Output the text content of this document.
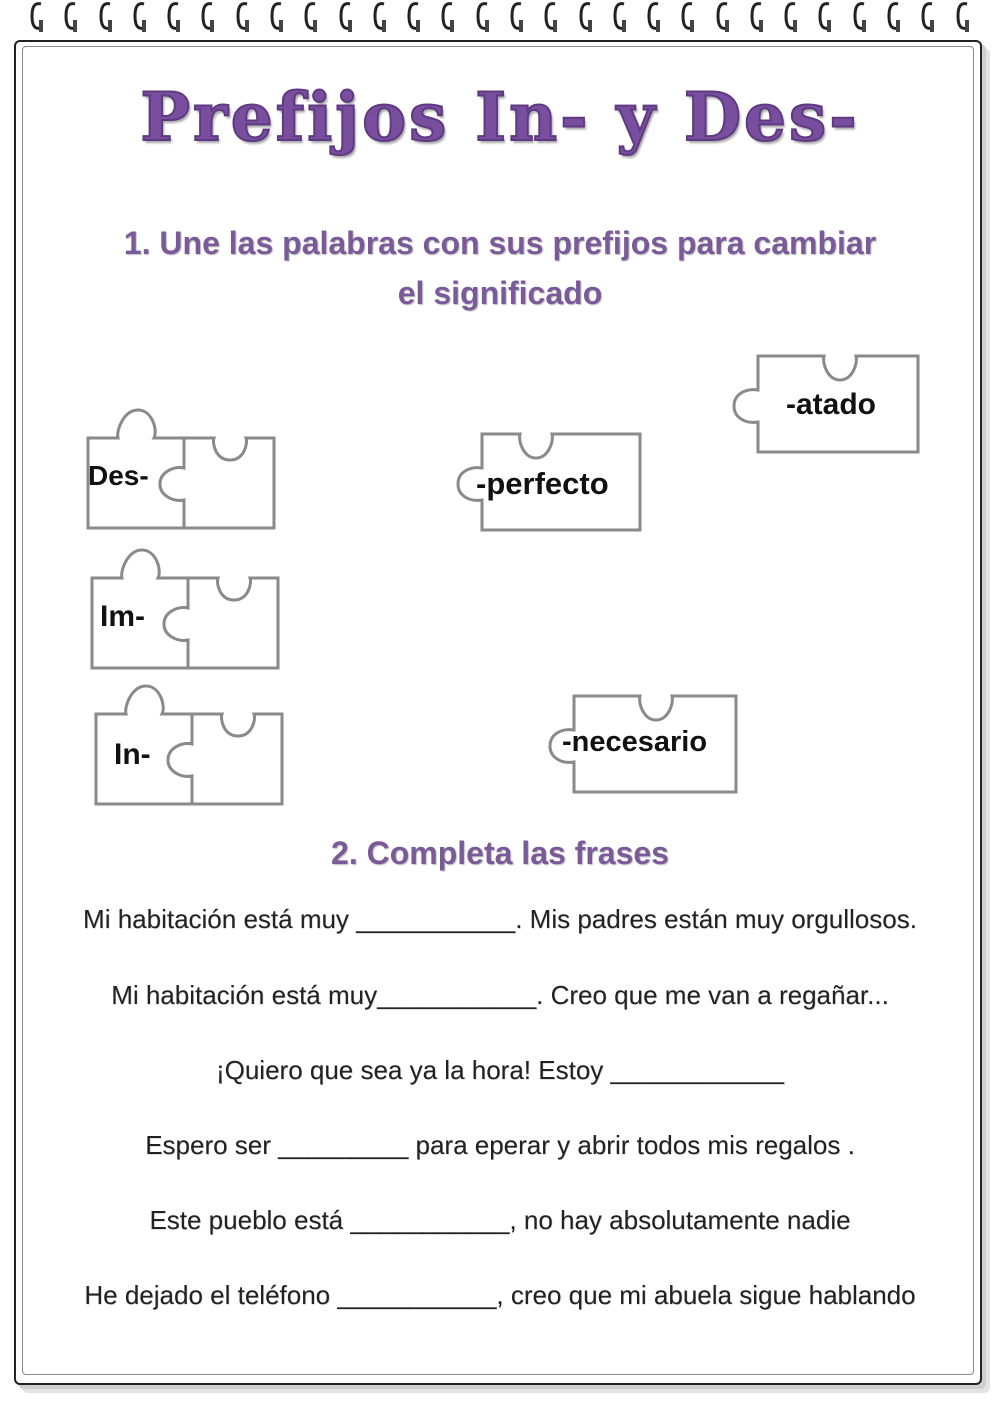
Prefijos In- y Des-
1. Une las palabras con sus prefijos para cambiar
el significado
Des-
Im-
In-
-atado
-perfecto
-necesario
2. Completa las frases
Mi habitación está muy ___________. Mis padres están muy orgullosos.
Mi habitación está muy___________. Creo que me van a regañar...
¡Quiero que sea ya la hora! Estoy ____________
Espero ser _________ para eperar y abrir todos mis regalos .
Este pueblo está ___________, no hay absolutamente nadie
He dejado el teléfono ___________, creo que mi abuela sigue hablando
